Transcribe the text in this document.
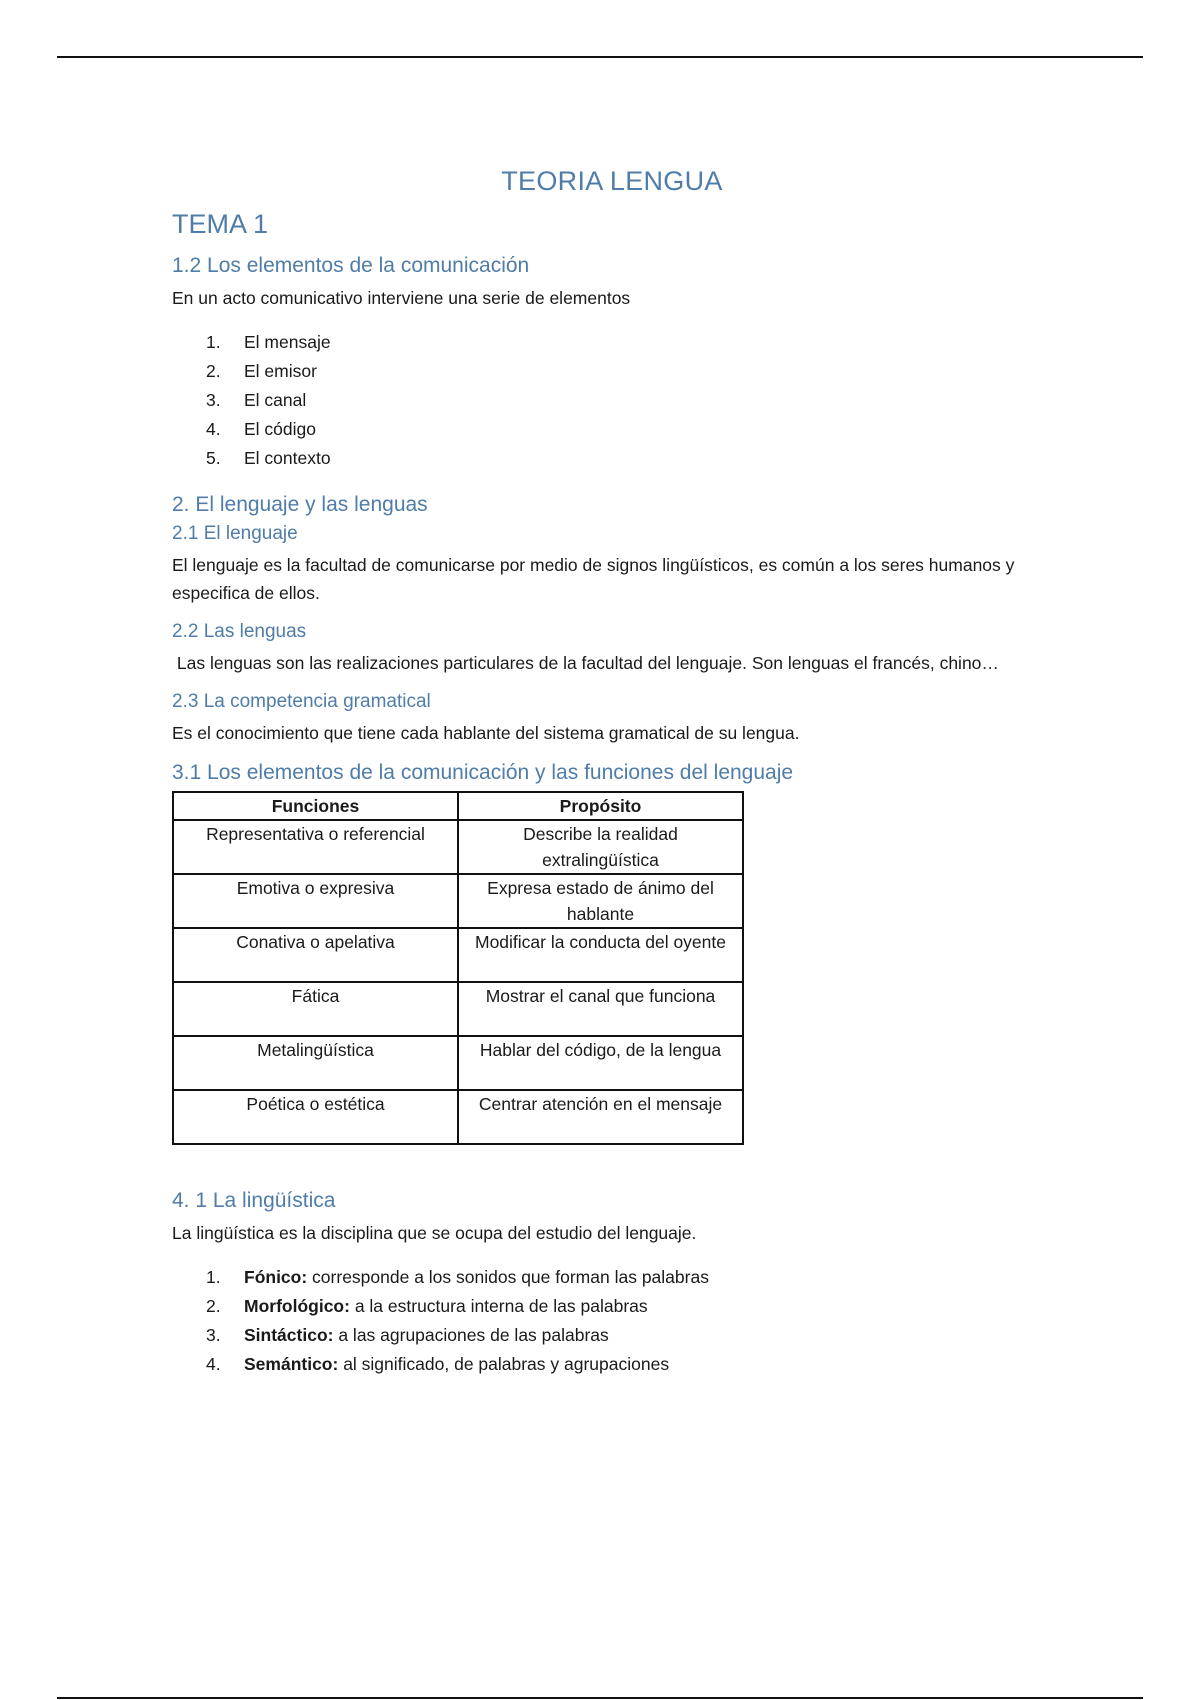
TEORIA LENGUA
TEMA 1
1.2 Los elementos de la comunicación

En un acto comunicativo interviene una serie de elementos

1.	El mensaje
2.	El emisor
3.	El canal
4.	El código
5.	El contexto
2. El lenguaje y las lenguas
2.1 El lenguaje

El lenguaje es la facultad de comunicarse por medio de signos lingüísticos, es común a los seres humanos y especifica de ellos.

2.2 Las lenguas

Las lenguas son las realizaciones particulares de la facultad del lenguaje. Son lenguas el francés, chino…

2.3 La competencia gramatical

Es el conocimiento que tiene cada hablante del sistema gramatical de su lengua.

3.1 Los elementos de la comunicación y las funciones del lenguaje
Funciones	Propósito
Representativa o referencial	Describe la realidad extralingüística
Emotiva o expresiva	Expresa estado de ánimo del hablante
Conativa o apelativa	Modificar la conducta del oyente
Fática	Mostrar el canal que funciona
Metalingüística	Hablar del código, de la lengua
Poética o estética	Centrar atención en el mensaje
4. 1 La lingüística

La lingüística es la disciplina que se ocupa del estudio del lenguaje.

1.	Fónico: corresponde a los sonidos que forman las palabras
2.	Morfológico: a la estructura interna de las palabras
3.	Sintáctico: a las agrupaciones de las palabras
4.	Semántico: al significado, de palabras y agrupaciones
